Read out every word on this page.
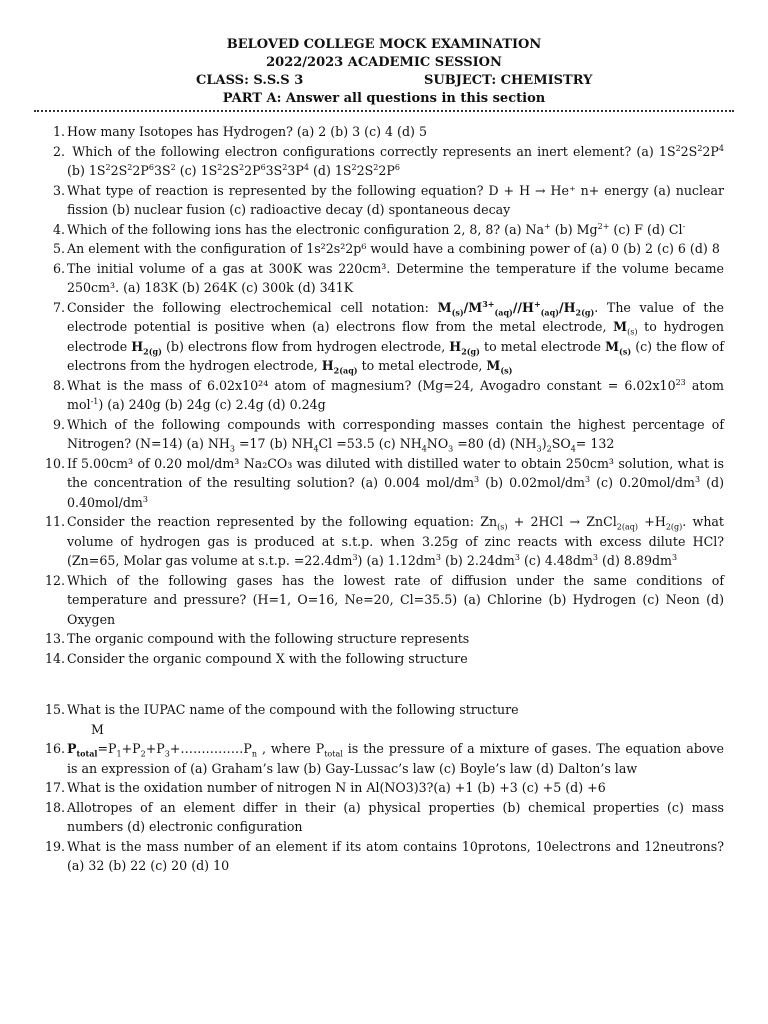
BELOVED COLLEGE MOCK EXAMINATION
2022/2023 ACADEMIC SESSION
CLASS: S.S.S 3	SUBJECT: CHEMISTRY
PART A: Answer all questions in this section
1. How many Isotopes has Hydrogen? (a) 2 (b) 3 (c) 4 (d) 5
2. Which of the following electron configurations correctly represents an inert element? (a) $1S^22S^22P^4$ (b) $1S^22S^22P^63S^2$ (c) $1S^22S^22P^63S^23P^4$ (d) $1S^22S^22P^6$
3. What type of reaction is represented by the following equation? D + H → He⁺ n+ energy (a) nuclear fission (b) nuclear fusion (c) radioactive decay (d) spontaneous decay
4. Which of the following ions has the electronic configuration 2, 8, 8? (a) Na+ (b) $Mg^{2+}$ (c) F (d) Cl-
5. An element with the configuration of 1s²2s²2p⁶ would have a combining power of (a) 0 (b) 2 (c) 6 (d) 8
6. The initial volume of a gas at 300K was 220cm³. Determine the temperature if the volume became 250cm³. (a) 183K (b) 264K (c) 300k (d) 341K
7. Consider the following electrochemical cell notation: $M_{(s)}/M^{3+}_{(aq)}//H^+_{(aq)}/H_{2(g)}$. The value of the electrode potential is positive when (a) electrons flow from the metal electrode, $M_{(s)}$ to hydrogen electrode $H_{2(g)}$ (b) electrons flow from hydrogen electrode, $H_{2(g)}$ to metal electrode $M_{(s)}$ (c) the flow of electrons from the hydrogen electrode, $H_{2(aq)}$ to metal electrode, $M_{(s)}$
8. What is the mass of 6.02x10²⁴ atom of magnesium? (Mg=24, Avogadro constant = $6.02x10^{23}$ atom mol$^{-1}$) (a) 240g (b) 24g (c) 2.4g (d) 0.24g
9. Which of the following compounds with corresponding masses contain the highest percentage of Nitrogen? (N=14) (a) $NH_3 =17$ (b) $NH_4Cl =53.5$ (c) $NH_4NO_3 =80$ (d) $(NH_3)_2SO_4= 132$
10. If 5.00cm³ of 0.20 mol/dm³ Na₂CO₃ was diluted with distilled water to obtain 250cm³ solution, what is the concentration of the resulting solution? (a) 0.004 mol/$dm^3$ (b) $0.02mol/dm^3$ (c) $0.20mol/dm^3$ (d) $0.40mol/dm^3$
11. Consider the reaction represented by the following equation: $Zn_{(s)} + 2HCl$ → ZnCl$_{2(aq)}$ $+H_{2(g)}$. what volume of hydrogen gas is produced at s.t.p. when 3.25g of zinc reacts with excess dilute HCl? (Zn=65, Molar gas volume at s.t.p. $=22.4dm^3$) (a) $1.12dm^3$ (b) $2.24dm^3$ (c) $4.48dm^3$ (d) $8.89dm^3$
12. Which of the following gases has the lowest rate of diffusion under the same conditions of temperature and pressure? (H=1, O=16, Ne=20, Cl=35.5) (a) Chlorine (b) Hydrogen (c) Neon (d) Oxygen
13. The organic compound with the following structure represents
14. Consider the organic compound X with the following structure
15. What is the IUPAC name of the compound with the following structure
M
16. $P_{total}=P_1+P_2+P_3+\dots\dots\dots\dots\dots P_n$ , where $P_{total}$ is the pressure of a mixture of gases. The equation above is an expression of (a) Graham’s law (b) Gay-Lussac’s law (c) Boyle’s law (d) Dalton’s law
17. What is the oxidation number of nitrogen N in Al(NO3)3?(a) +1 (b) +3 (c) +5 (d) +6
18. Allotropes of an element differ in their (a) physical properties (b) chemical properties (c) mass numbers (d) electronic configuration
19. What is the mass number of an element if its atom contains 10protons, 10electrons and 12neutrons? (a) 32 (b) 22 (c) 20 (d) 10
